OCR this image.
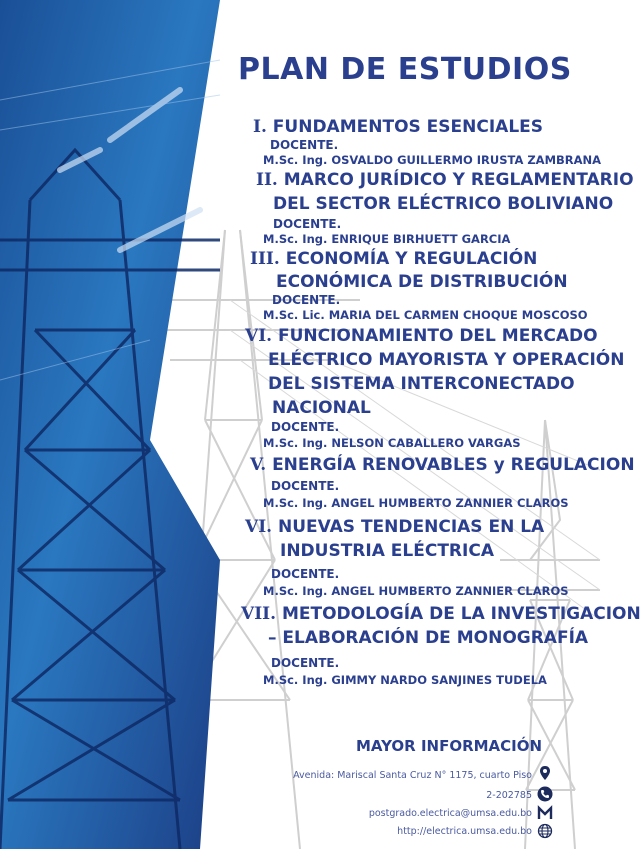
PLAN DE ESTUDIOS
I. FUNDAMENTOS ESENCIALES
DOCENTE.
M.Sc. Ing. OSVALDO GUILLERMO IRUSTA ZAMBRANA
II. MARCO JURÍDICO Y REGLAMENTARIO
DEL SECTOR ELÉCTRICO BOLIVIANO
DOCENTE.
M.Sc. Ing. ENRIQUE BIRHUETT GARCIA
III. ECONOMÍA Y REGULACIÓN
ECONÓMICA DE DISTRIBUCIÓN
DOCENTE.
M.Sc. Lic. MARIA DEL CARMEN CHOQUE MOSCOSO
VI. FUNCIONAMIENTO DEL MERCADO
ELÉCTRICO MAYORISTA Y OPERACIÓN
DEL SISTEMA INTERCONECTADO
NACIONAL
DOCENTE.
M.Sc. Ing. NELSON CABALLERO VARGAS
V. ENERGÍA RENOVABLES y REGULACION
DOCENTE.
M.Sc. Ing. ANGEL HUMBERTO ZANNIER CLAROS
VI. NUEVAS TENDENCIAS EN LA
INDUSTRIA ELÉCTRICA
DOCENTE.
M.Sc. Ing. ANGEL HUMBERTO ZANNIER CLAROS
VII. METODOLOGÍA DE LA INVESTIGACION
– ELABORACIÓN DE MONOGRAFÍA
DOCENTE.
M.Sc. Ing. GIMMY NARDO SANJINES TUDELA
MAYOR INFORMACIÓN
Avenida: Mariscal Santa Cruz N° 1175, cuarto Piso
2-202785
postgrado.electrica@umsa.edu.bo
http://electrica.umsa.edu.bo
